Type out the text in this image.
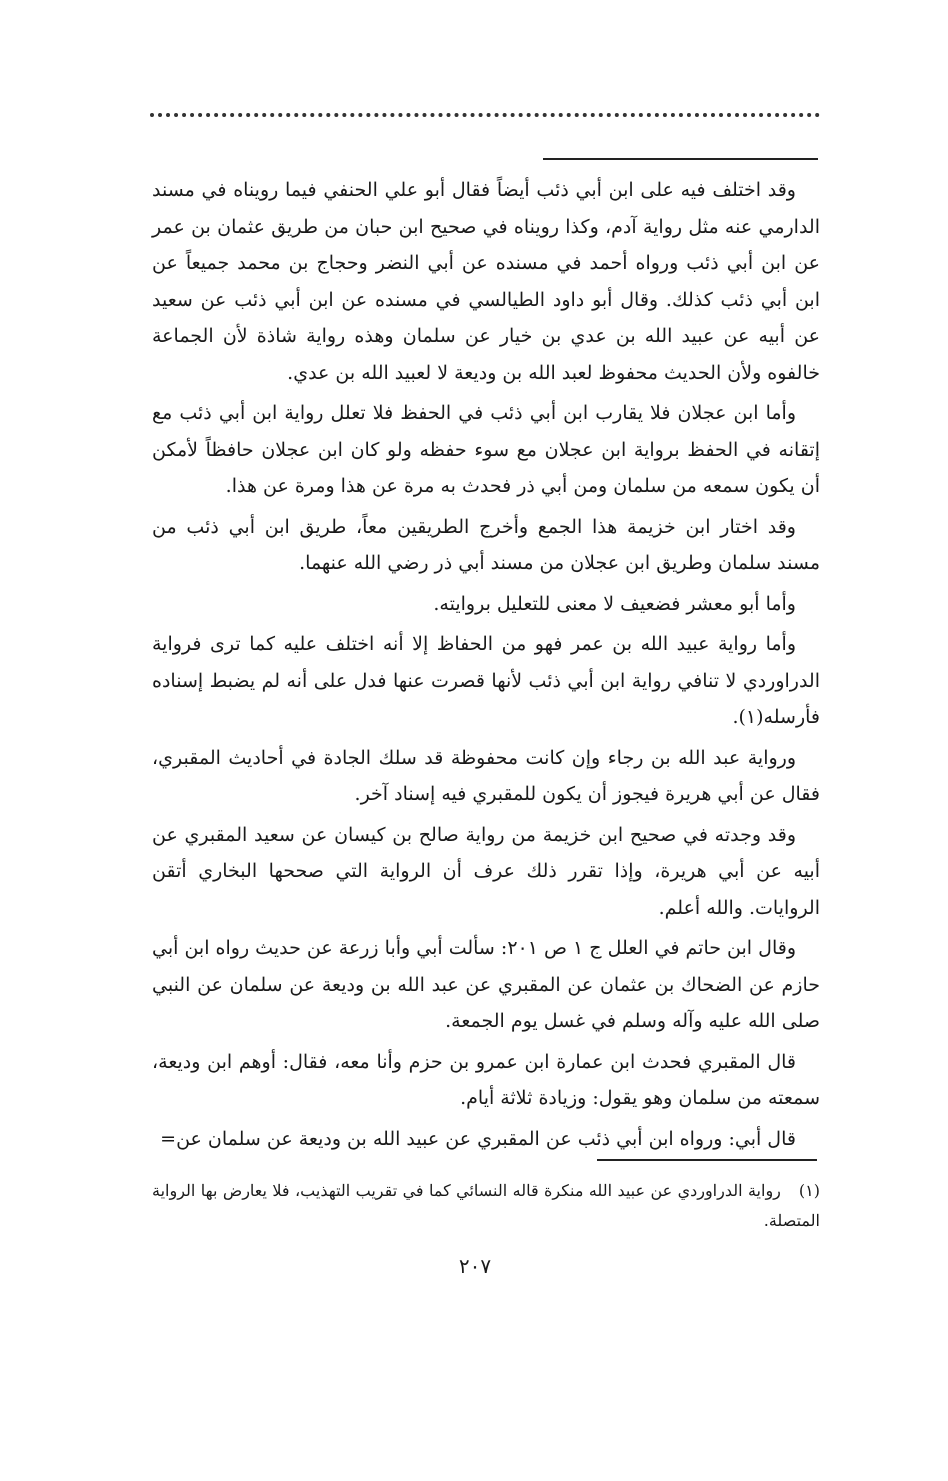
وقد اختلف فيه على ابن أبي ذئب أيضاً فقال أبو علي الحنفي فيما رويناه في مسند الدارمي عنه مثل رواية آدم، وكذا رويناه في صحيح ابن حبان من طريق عثمان بن عمر عن ابن أبي ذئب ورواه أحمد في مسنده عن أبي النضر وحجاج بن محمد جميعاً عن ابن أبي ذئب كذلك. وقال أبو داود الطيالسي في مسنده عن ابن أبي ذئب عن سعيد عن أبيه عن عبيد الله بن عدي بن خيار عن سلمان وهذه رواية شاذة لأن الجماعة خالفوه ولأن الحديث محفوظ لعبد الله بن وديعة لا لعبيد الله بن عدي.

وأما ابن عجلان فلا يقارب ابن أبي ذئب في الحفظ فلا تعلل رواية ابن أبي ذئب مع إتقانه في الحفظ برواية ابن عجلان مع سوء حفظه ولو كان ابن عجلان حافظاً لأمكن أن يكون سمعه من سلمان ومن أبي ذر فحدث به مرة عن هذا ومرة عن هذا.

وقد اختار ابن خزيمة هذا الجمع وأخرج الطريقين معاً، طريق ابن أبي ذئب من مسند سلمان وطريق ابن عجلان من مسند أبي ذر رضي الله عنهما.

وأما أبو معشر فضعيف لا معنى للتعليل بروايته.

وأما رواية عبيد الله بن عمر فهو من الحفاظ إلا أنه اختلف عليه كما ترى فرواية الدراوردي لا تنافي رواية ابن أبي ذئب لأنها قصرت عنها فدل على أنه لم يضبط إسناده فأرسله(١).

ورواية عبد الله بن رجاء وإن كانت محفوظة قد سلك الجادة في أحاديث المقبري، فقال عن أبي هريرة فيجوز أن يكون للمقبري فيه إسناد آخر.

وقد وجدته في صحيح ابن خزيمة من رواية صالح بن كيسان عن سعيد المقبري عن أبيه عن أبي هريرة، وإذا تقرر ذلك عرف أن الرواية التي صححها البخاري أتقن الروايات. والله أعلم.

وقال ابن حاتم في العلل ج ١ ص ٢٠١: سألت أبي وأبا زرعة عن حديث رواه ابن أبي حازم عن الضحاك بن عثمان عن المقبري عن عبد الله بن وديعة عن سلمان عن النبي صلى الله عليه وآله وسلم في غسل يوم الجمعة.

قال المقبري فحدث ابن عمارة ابن عمرو بن حزم وأنا معه، فقال: أوهم ابن وديعة، سمعته من سلمان وهو يقول: وزيادة ثلاثة أيام.

قال أبي: ورواه ابن أبي ذئب عن المقبري عن عبيد الله بن وديعة عن سلمان عن=

(١)رواية الدراوردي عن عبيد الله منكرة قاله النسائي كما في تقريب التهذيب، فلا يعارض بها الرواية المتصلة.
٢٠٧
